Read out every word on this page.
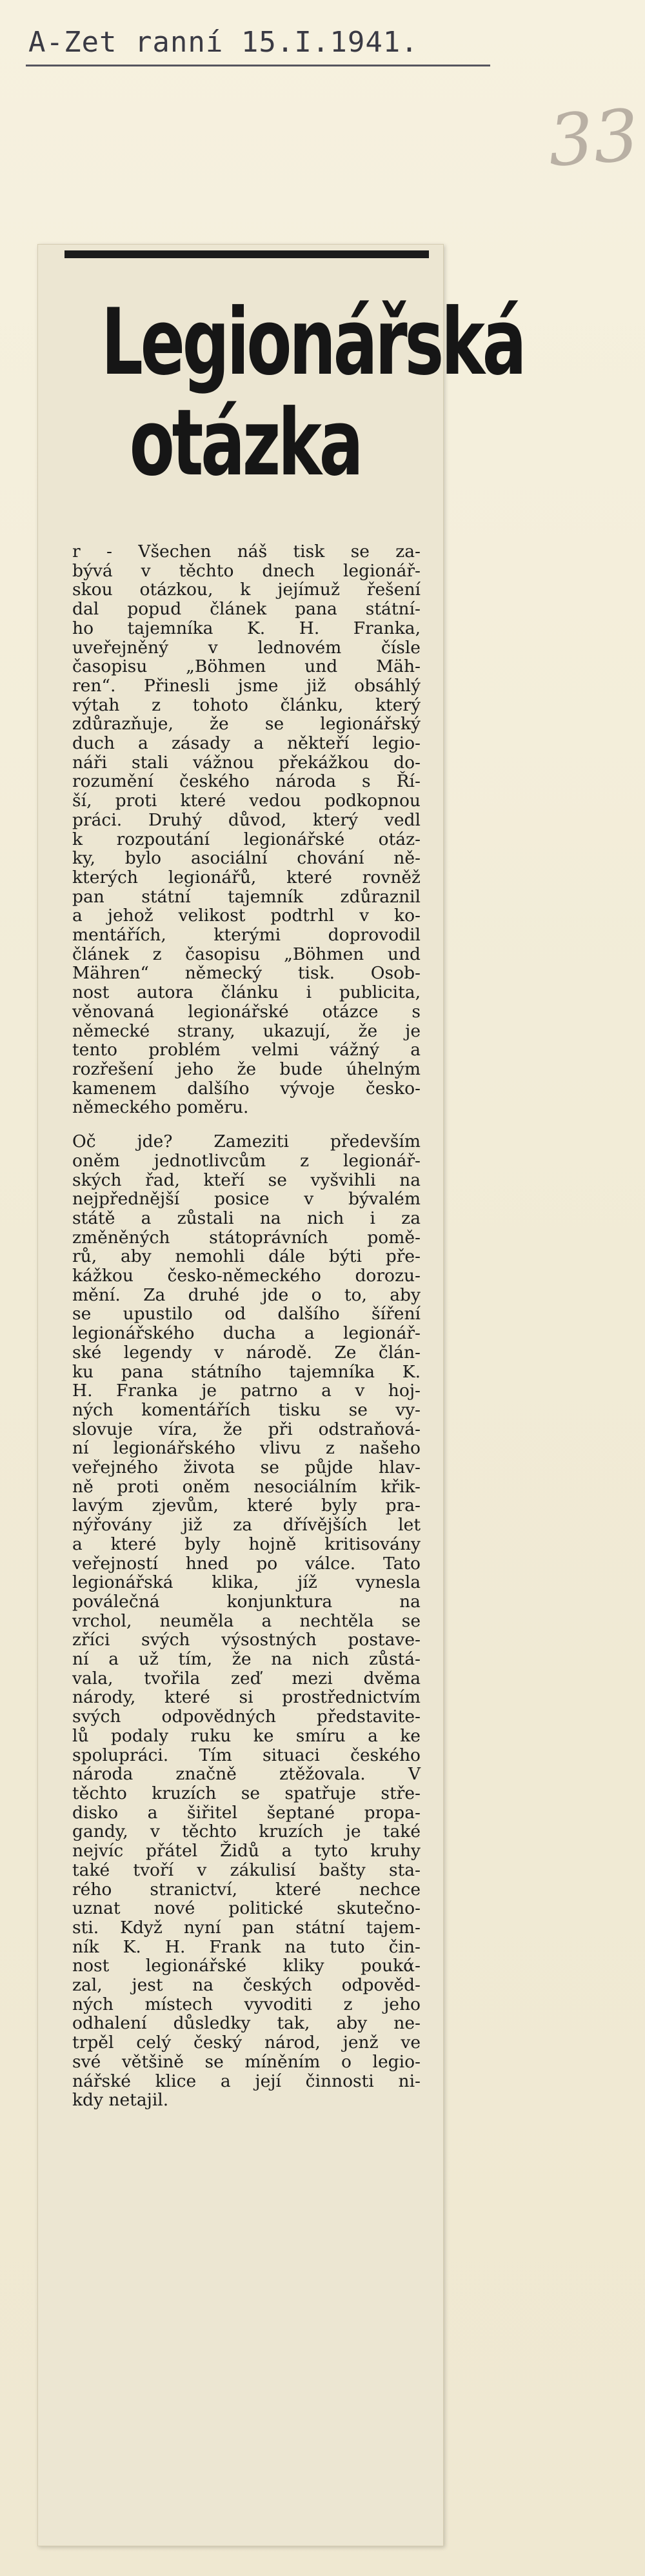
A-Zet ranní 15.I.1941.
33
Legionářská
otázka
r - Všechen náš tisk se za-
bývá v těchto dnech legionář-
skou otázkou, k jejímuž řešení
dal popud článek pana státní-
ho tajemníka K. H. Franka,
uveřejněný v lednovém čísle
časopisu „Böhmen und Mäh-
ren“. Přinesli jsme již obsáhlý
výtah z tohoto článku, který
zdůrazňuje, že se legionářský
duch a zásady a někteří legio-
náři stali vážnou překážkou do-
rozumění českého národa s Ří-
ší, proti které vedou podkopnou
práci. Druhý důvod, který vedl
k rozpoutání legionářské otáz-
ky, bylo asociální chování ně-
kterých legionářů, které rovněž
pan státní tajemník zdůraznil
a jehož velikost podtrhl v ko-
mentářích, kterými doprovodil
článek z časopisu „Böhmen und
Mähren“ německý tisk. Osob-
nost autora článku i publicita,
věnovaná legionářské otázce s
německé strany, ukazují, že je
tento problém velmi vážný a
rozřešení jeho že bude úhelným
kamenem dalšího vývoje česko-
německého poměru.
Oč jde? Zameziti především
oněm jednotlivcům z legionář-
ských řad, kteří se vyšvihli na
nejpřednější posice v bývalém
státě a zůstali na nich i za
změněných státoprávních pomě-
rů, aby nemohli dále býti pře-
kážkou česko-německého dorozu-
mění. Za druhé jde o to, aby
se upustilo od dalšího šíření
legionářského ducha a legionář-
ské legendy v národě. Ze člán-
ku pana státního tajemníka K.
H. Franka je patrno a v hoj-
ných komentářích tisku se vy-
slovuje víra, že při odstraňová-
ní legionářského vlivu z našeho
veřejného života se půjde hlav-
ně proti oněm nesociálním křik-
lavým zjevům, které byly pra-
nýřovány již za dřívějších let
a které byly hojně kritisovány
veřejností hned po válce. Tato
legionářská klika, jíž vynesla
poválečná konjunktura na
vrchol, neuměla a nechtěla se
zříci svých výsostných postave-
ní a už tím, že na nich zůstá-
vala, tvořila zeď mezi dvěma
národy, které si prostřednictvím
svých odpovědných představite-
lů podaly ruku ke smíru a ke
spolupráci. Tím situaci českého
národa značně ztěžovala. V
těchto kruzích se spatřuje stře-
disko a šiřitel šeptané propa-
gandy, v těchto kruzích je také
nejvíc přátel Židů a tyto kruhy
také tvoří v zákulisí bašty sta-
rého stranictví, které nechce
uznat nové politické skutečno-
sti. Když nyní pan státní tajem-
ník K. H. Frank na tuto čin-
nost legionářské kliky poukά-
zal, jest na českých odpověd-
ných místech vyvoditi z jeho
odhalení důsledky tak, aby ne-
trpěl celý český národ, jenž ve
své většině se míněním o legio-
nářské klice a její činnosti ni-
kdy netajil.
